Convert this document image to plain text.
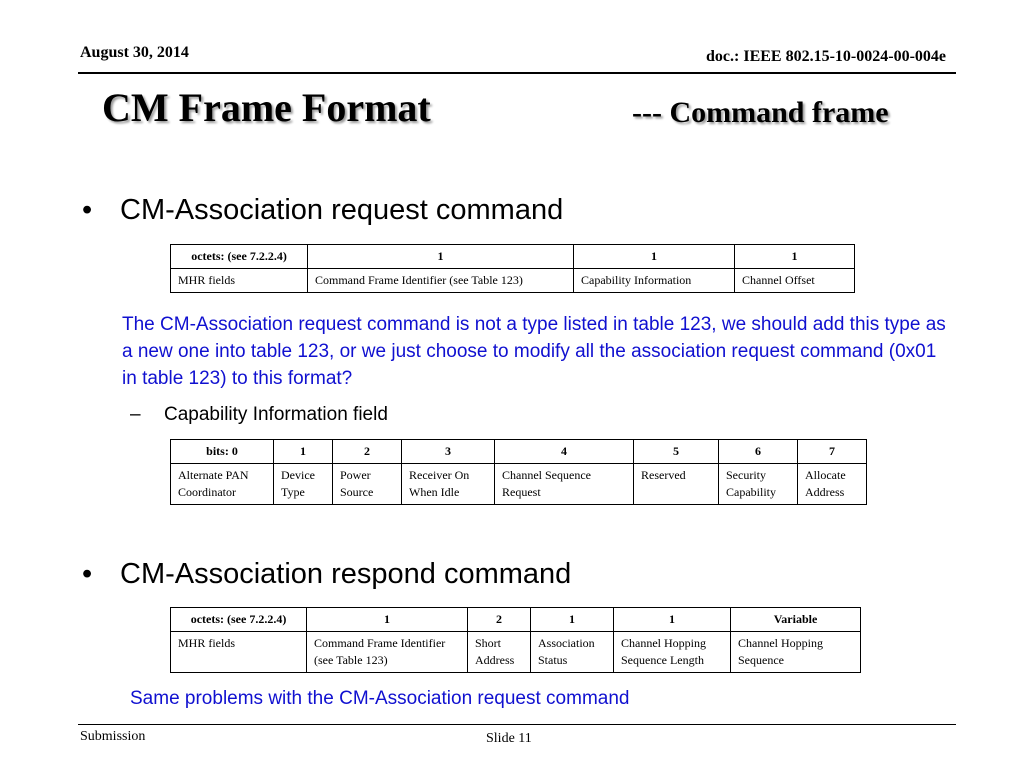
August 30, 2014	doc.: IEEE 802.15-10-0024-00-004e
CM Frame Format	--- Command frame
• CM-Association request command
octets: (see 7.2.2.4)	1	1	1
MHR fields	Command Frame Identifier (see Table 123)	Capability Information	Channel Offset
The CM-Association request command is not a type listed in table 123, we should add this type as a new one into table 123, or we just choose to modify all the association request command (0x01 in table 123) to this format?
– Capability Information field
bits: 0	1	2	3	4	5	6	7
Alternate PAN Coordinator	Device Type	Power Source	Receiver On When Idle	Channel Sequence Request	Reserved	Security Capability	Allocate Address
• CM-Association respond command
octets: (see 7.2.2.4)	1	2	1	1	Variable
MHR fields	Command Frame Identifier (see Table 123)	Short Address	Association Status	Channel Hopping Sequence Length	Channel Hopping Sequence
Same problems with the CM-Association request command
Submission	Slide 11
